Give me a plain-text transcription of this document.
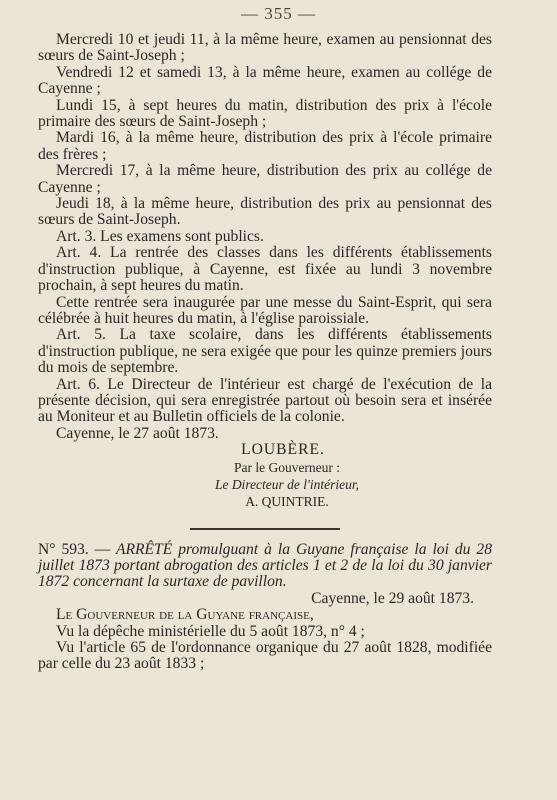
— 355 —

Mercredi 10 et jeudi 11, à la même heure, examen au pensionnat des sœurs de Saint-Joseph ;

Vendredi 12 et samedi 13, à la même heure, examen au collége de Cayenne ;

Lundi 15, à sept heures du matin, distribution des prix à l'école primaire des sœurs de Saint-Joseph ;

Mardi 16, à la même heure, distribution des prix à l'école primaire des frères ;

Mercredi 17, à la même heure, distribution des prix au collége de Cayenne ;

Jeudi 18, à la même heure, distribution des prix au pensionnat des sœurs de Saint-Joseph.

Art. 3. Les examens sont publics.

Art. 4. La rentrée des classes dans les différents établissements d'instruction publique, à Cayenne, est fixée au lundi 3 novembre prochain, à sept heures du matin.

Cette rentrée sera inaugurée par une messe du Saint-Esprit, qui sera célébrée à huit heures du matin, à l'église paroissiale.

Art. 5. La taxe scolaire, dans les différents établissements d'instruction publique, ne sera exigée que pour les quinze premiers jours du mois de septembre.

Art. 6. Le Directeur de l'intérieur est chargé de l'exécution de la présente décision, qui sera enregistrée partout où besoin sera et insérée au Moniteur et au Bulletin officiels de la colonie.

Cayenne, le 27 août 1873.

LOUBÈRE.

Par le Gouverneur :

Le Directeur de l'intérieur,

A. QUINTRIE.

N° 593. — ARRÊTÉ promulguant à la Guyane française la loi du 28 juillet 1873 portant abrogation des articles 1 et 2 de la loi du 30 janvier 1872 concernant la surtaxe de pavillon.

Cayenne, le 29 août 1873.

Le Gouverneur de la Guyane française,

Vu la dépêche ministérielle du 5 août 1873, n° 4 ;

Vu l'article 65 de l'ordonnance organique du 27 août 1828, modifiée par celle du 23 août 1833 ;
